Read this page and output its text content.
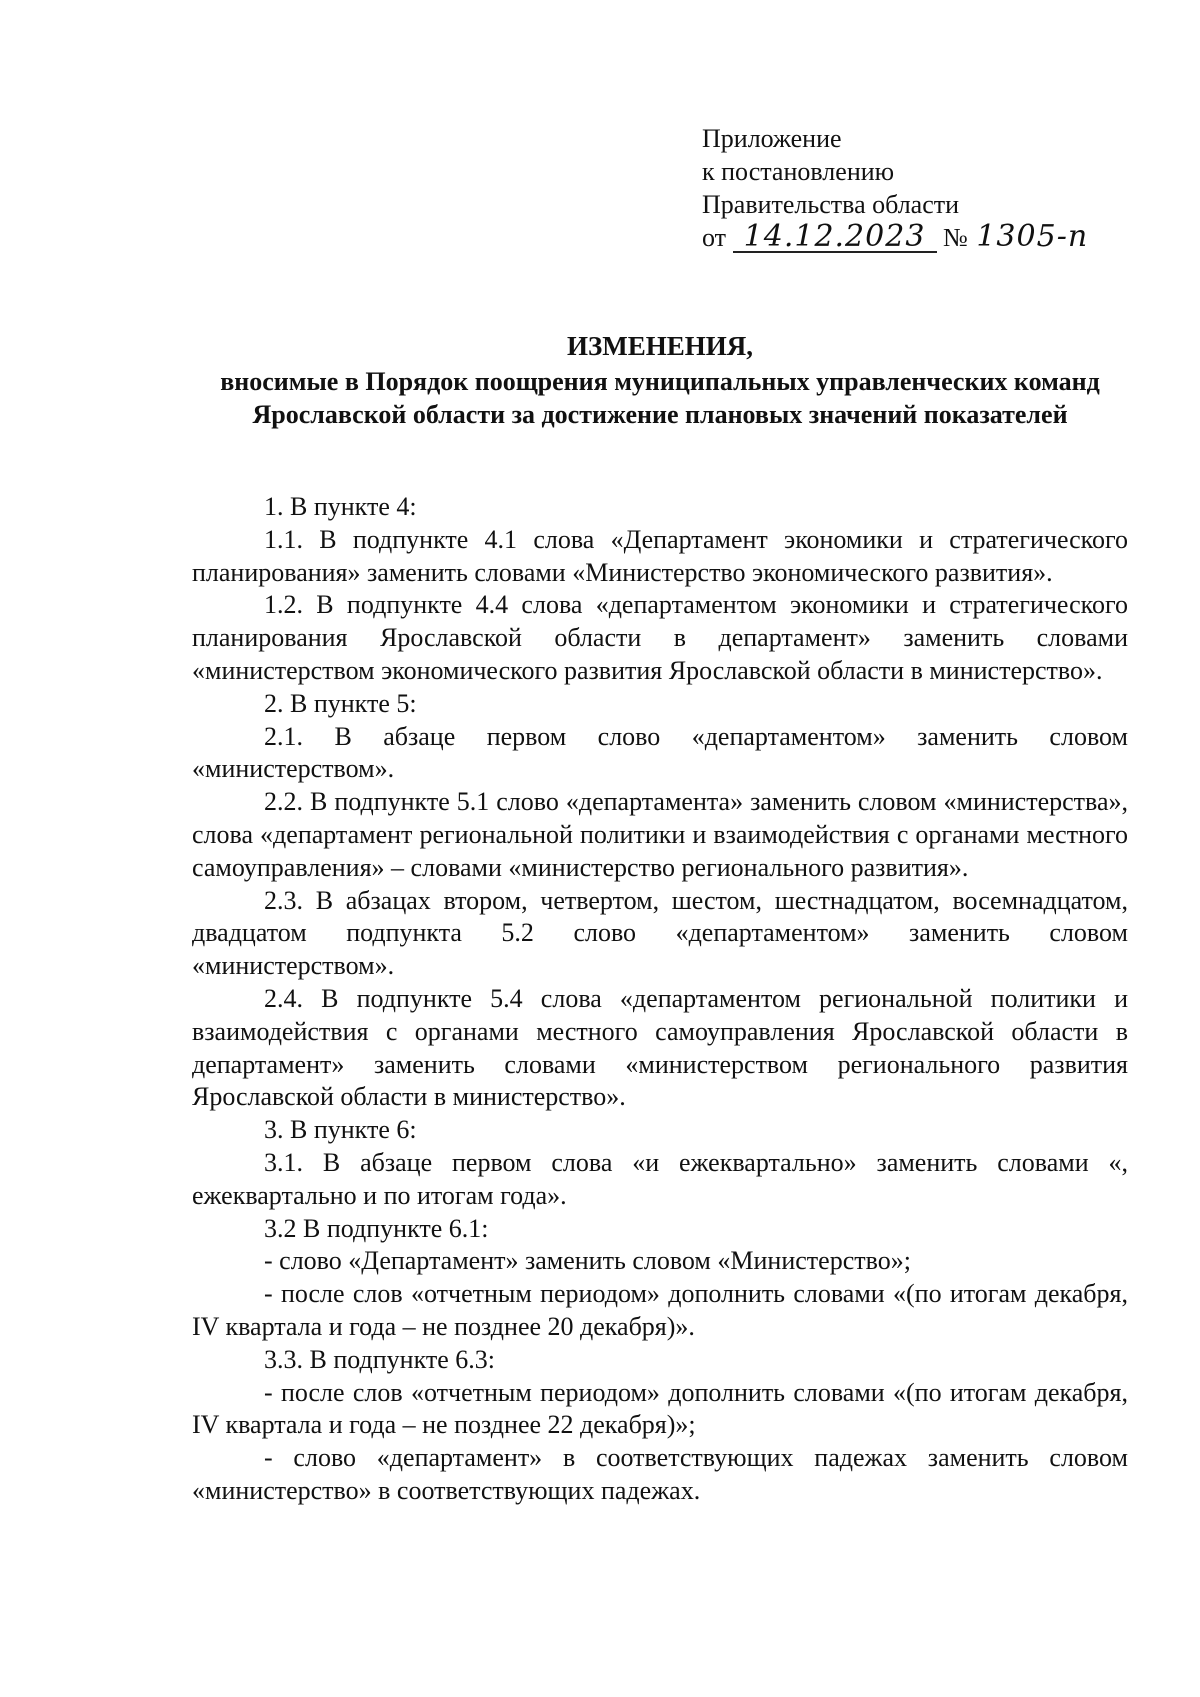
Приложение
к постановлению
Правительства области
от 14.12.2023 № 1305-п
ИЗМЕНЕНИЯ,
вносимые в Порядок поощрения муниципальных управленческих команд Ярославской области за достижение плановых значений показателей

1. В пункте 4:

1.1. В подпункте 4.1 слова «Департамент экономики и стратегического планирования» заменить словами «Министерство экономического развития».

1.2. В подпункте 4.4 слова «департаментом экономики и стратегического планирования Ярославской области в департамент» заменить словами «министерством экономического развития Ярославской области в министерство».

2. В пункте 5:

2.1. В абзаце первом слово «департаментом» заменить словом «министерством».

2.2. В подпункте 5.1 слово «департамента» заменить словом «министерства», слова «департамент региональной политики и взаимодействия с органами местного самоуправления» – словами «министерство регионального развития».

2.3. В абзацах втором, четвертом, шестом, шестнадцатом, восемнадцатом, двадцатом подпункта 5.2 слово «департаментом» заменить словом «министерством».

2.4. В подпункте 5.4 слова «департаментом региональной политики и взаимодействия с органами местного самоуправления Ярославской области в департамент» заменить словами «министерством регионального развития Ярославской области в министерство».

3. В пункте 6:

3.1. В абзаце первом слова «и ежеквартально» заменить словами «, ежеквартально и по итогам года».

3.2 В подпункте 6.1:

- слово «Департамент» заменить словом «Министерство»;

- после слов «отчетным периодом» дополнить словами «(по итогам декабря, IV квартала и года – не позднее 20 декабря)».

3.3. В подпункте 6.3:

- после слов «отчетным периодом» дополнить словами «(по итогам декабря, IV квартала и года – не позднее 22 декабря)»;

- слово «департамент» в соответствующих падежах заменить словом «министерство» в соответствующих падежах.
